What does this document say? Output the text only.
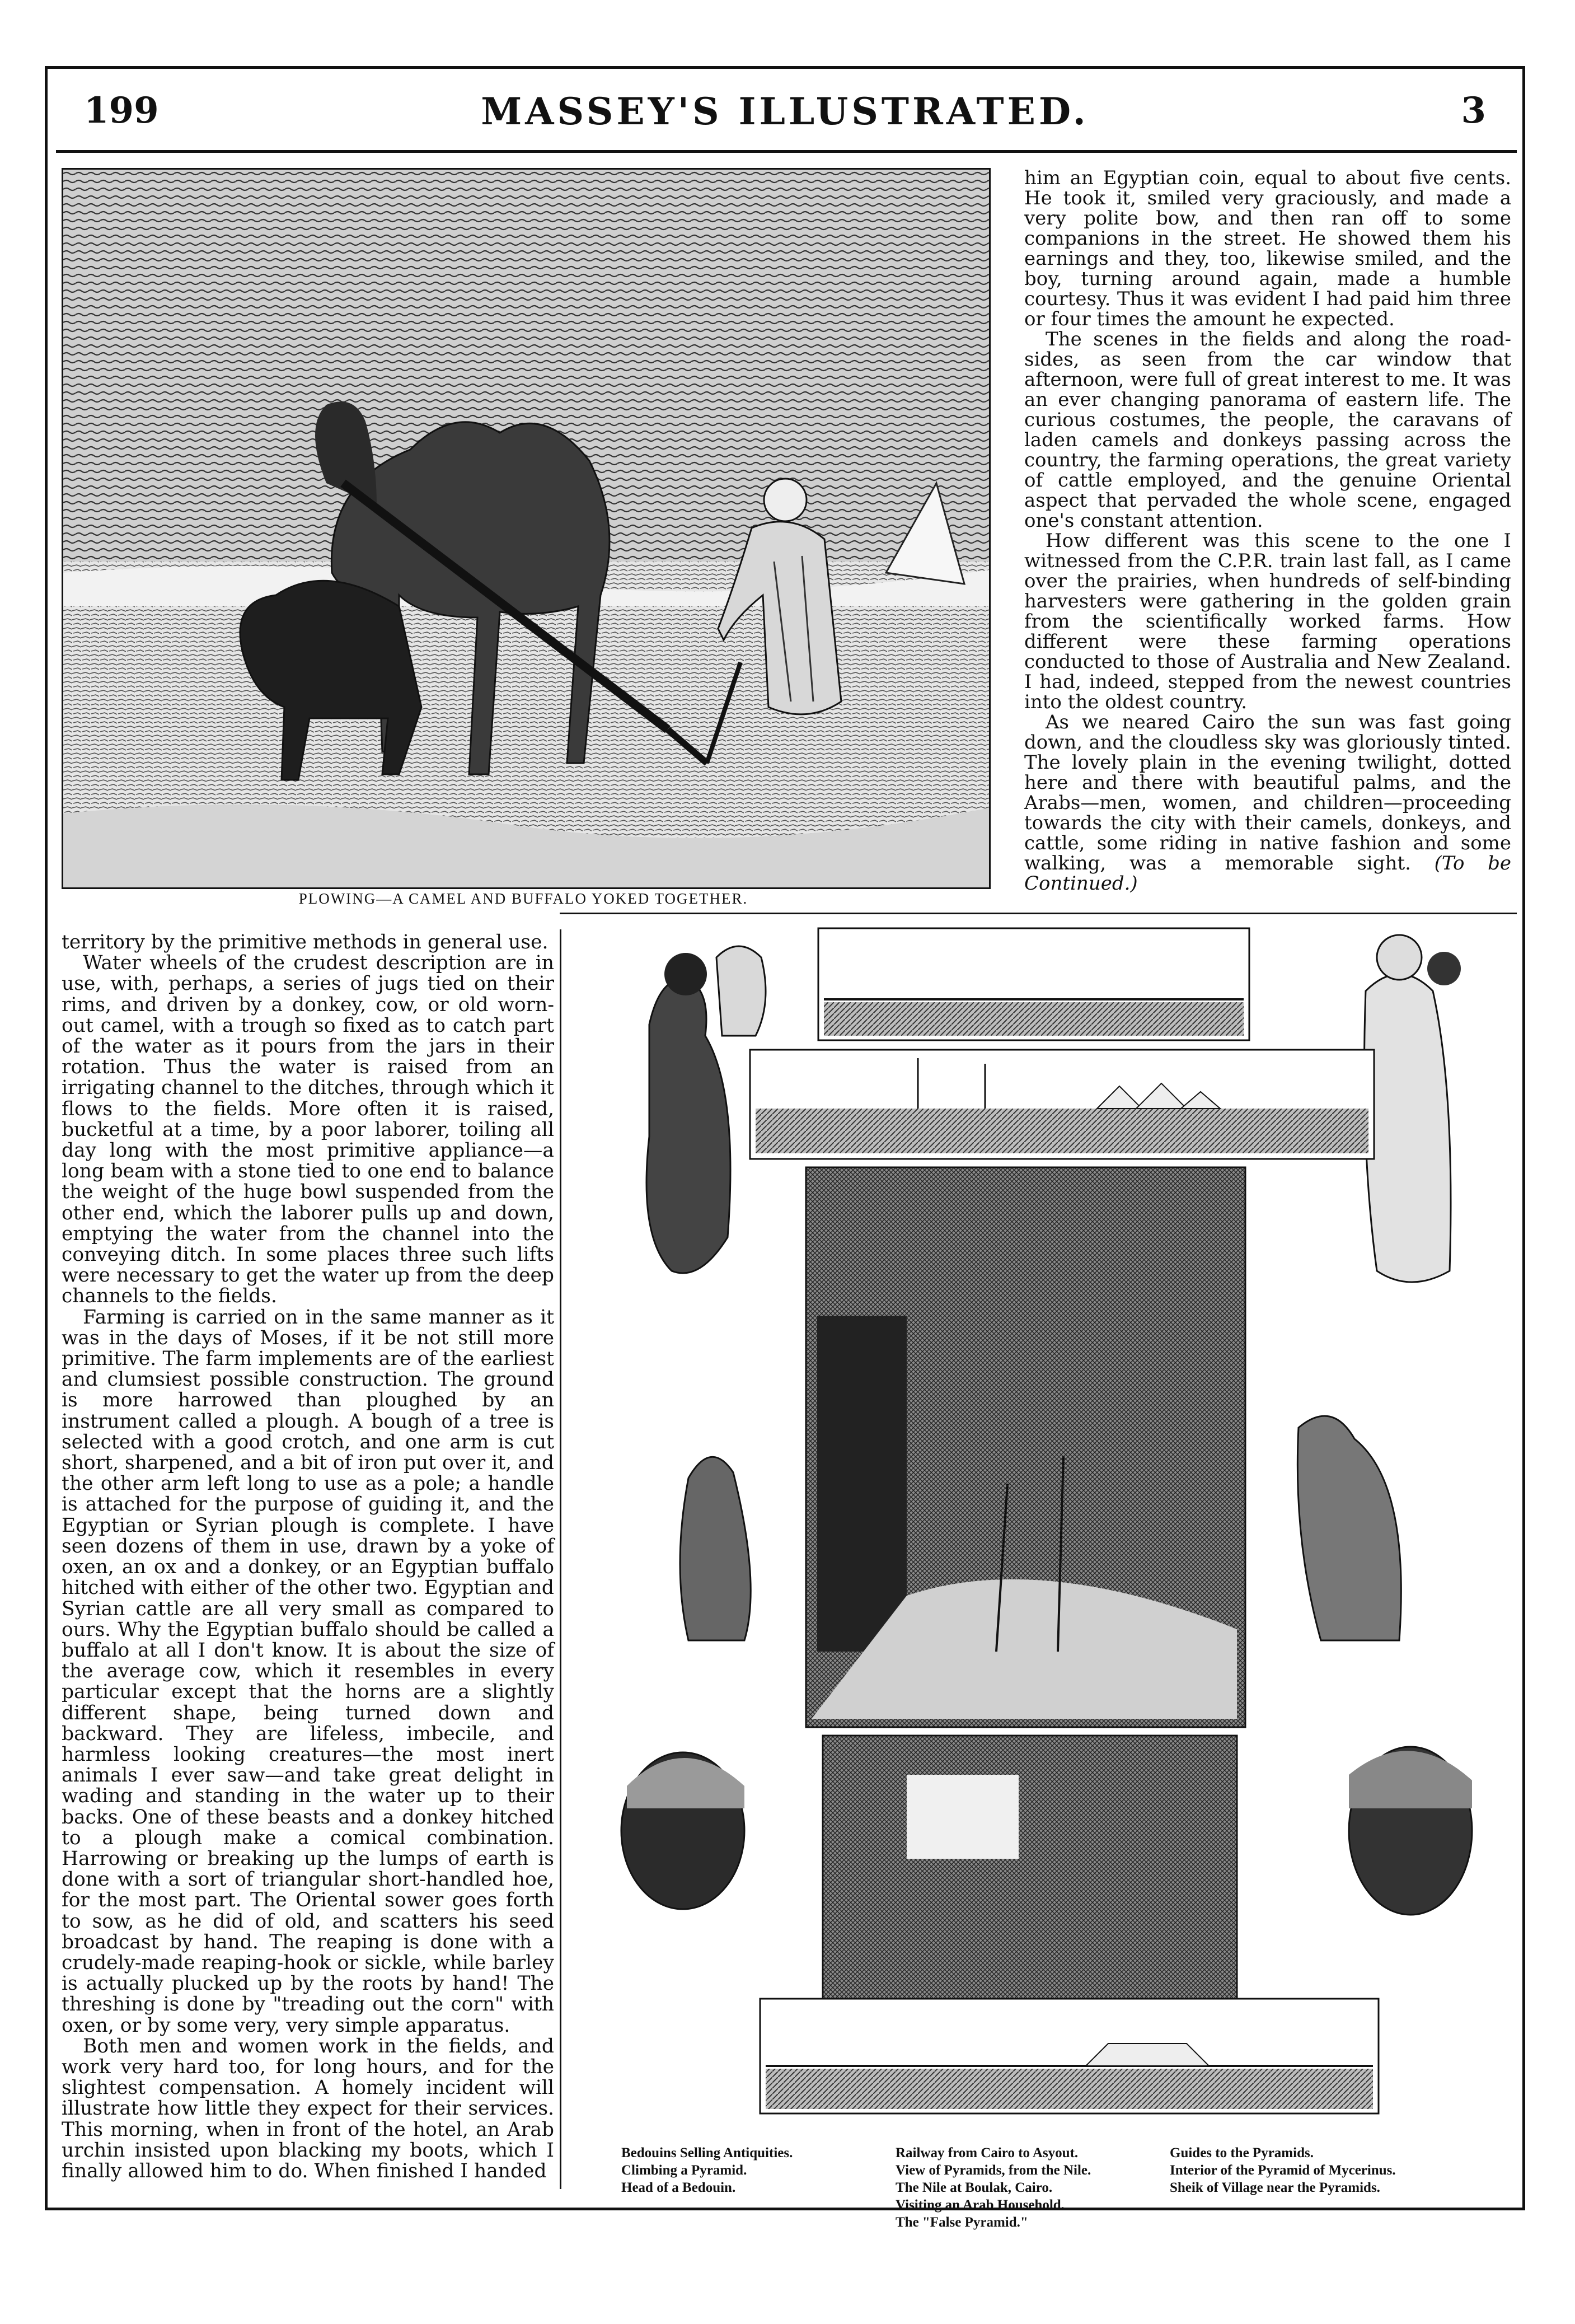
199	MASSEY'S ILLUSTRATED.	3
PLOWING—A CAMEL AND BUFFALO YOKED TOGETHER.

him an Egyptian coin, equal to about five cents. He took it, smiled very graciously, and made a very polite bow, and then ran off to some companions in the street. He showed them his earnings and they, too, likewise smiled, and the boy, turning around again, made a humble courtesy. Thus it was evident I had paid him three or four times the amount he expected.

The scenes in the fields and along the road-sides, as seen from the car window that afternoon, were full of great interest to me. It was an ever changing panorama of eastern life. The curious costumes, the people, the caravans of laden camels and donkeys passing across the country, the farming operations, the great variety of cattle employed, and the genuine Oriental aspect that pervaded the whole scene, engaged one's constant attention.

How different was this scene to the one I witnessed from the C.P.R. train last fall, as I came over the prairies, when hundreds of self-binding harvesters were gathering in the golden grain from the scientifically worked farms. How different were these farming operations conducted to those of Australia and New Zealand. I had, indeed, stepped from the newest countries into the oldest country.

As we neared Cairo the sun was fast going down, and the cloudless sky was gloriously tinted. The lovely plain in the evening twilight, dotted here and there with beautiful palms, and the Arabs—men, women, and children—proceeding towards the city with their camels, donkeys, and cattle, some riding in native fashion and some walking, was a memorable sight. (To be Continued.)

territory by the primitive methods in general use.

Water wheels of the crudest description are in use, with, perhaps, a series of jugs tied on their rims, and driven by a donkey, cow, or old worn-out camel, with a trough so fixed as to catch part of the water as it pours from the jars in their rotation. Thus the water is raised from an irrigating channel to the ditches, through which it flows to the fields. More often it is raised, bucketful at a time, by a poor laborer, toiling all day long with the most primitive appliance—a long beam with a stone tied to one end to balance the weight of the huge bowl suspended from the other end, which the laborer pulls up and down, emptying the water from the channel into the conveying ditch. In some places three such lifts were necessary to get the water up from the deep channels to the fields.

Farming is carried on in the same manner as it was in the days of Moses, if it be not still more primitive. The farm implements are of the earliest and clumsiest possible construction. The ground is more harrowed than ploughed by an instrument called a plough. A bough of a tree is selected with a good crotch, and one arm is cut short, sharpened, and a bit of iron put over it, and the other arm left long to use as a pole; a handle is attached for the purpose of guiding it, and the Egyptian or Syrian plough is complete. I have seen dozens of them in use, drawn by a yoke of oxen, an ox and a donkey, or an Egyptian buffalo hitched with either of the other two. Egyptian and Syrian cattle are all very small as compared to ours. Why the Egyptian buffalo should be called a buffalo at all I don't know. It is about the size of the average cow, which it resembles in every particular except that the horns are a slightly different shape, being turned down and backward. They are lifeless, imbecile, and harmless looking creatures—the most inert animals I ever saw—and take great delight in wading and standing in the water up to their backs. One of these beasts and a donkey hitched to a plough make a comical combination. Harrowing or breaking up the lumps of earth is done with a sort of triangular short-handled hoe, for the most part. The Oriental sower goes forth to sow, as he did of old, and scatters his seed broadcast by hand. The reaping is done with a crudely-made reaping-hook or sickle, while barley is actually plucked up by the roots by hand! The threshing is done by "treading out the corn" with oxen, or by some very, very simple apparatus.

Both men and women work in the fields, and work very hard too, for long hours, and for the slightest compensation. A homely incident will illustrate how little they expect for their services. This morning, when in front of the hotel, an Arab urchin insisted upon blacking my boots, which I finally allowed him to do. When finished I handed

Bedouins Selling Antiquities.
Climbing a Pyramid.
Head of a Bedouin.
Railway from Cairo to Asyout.
View of Pyramids, from the Nile.
The Nile at Boulak, Cairo.
Visiting an Arab Household.
The "False Pyramid."
Guides to the Pyramids.
Interior of the Pyramid of Mycerinus.
Sheik of Village near the Pyramids.
